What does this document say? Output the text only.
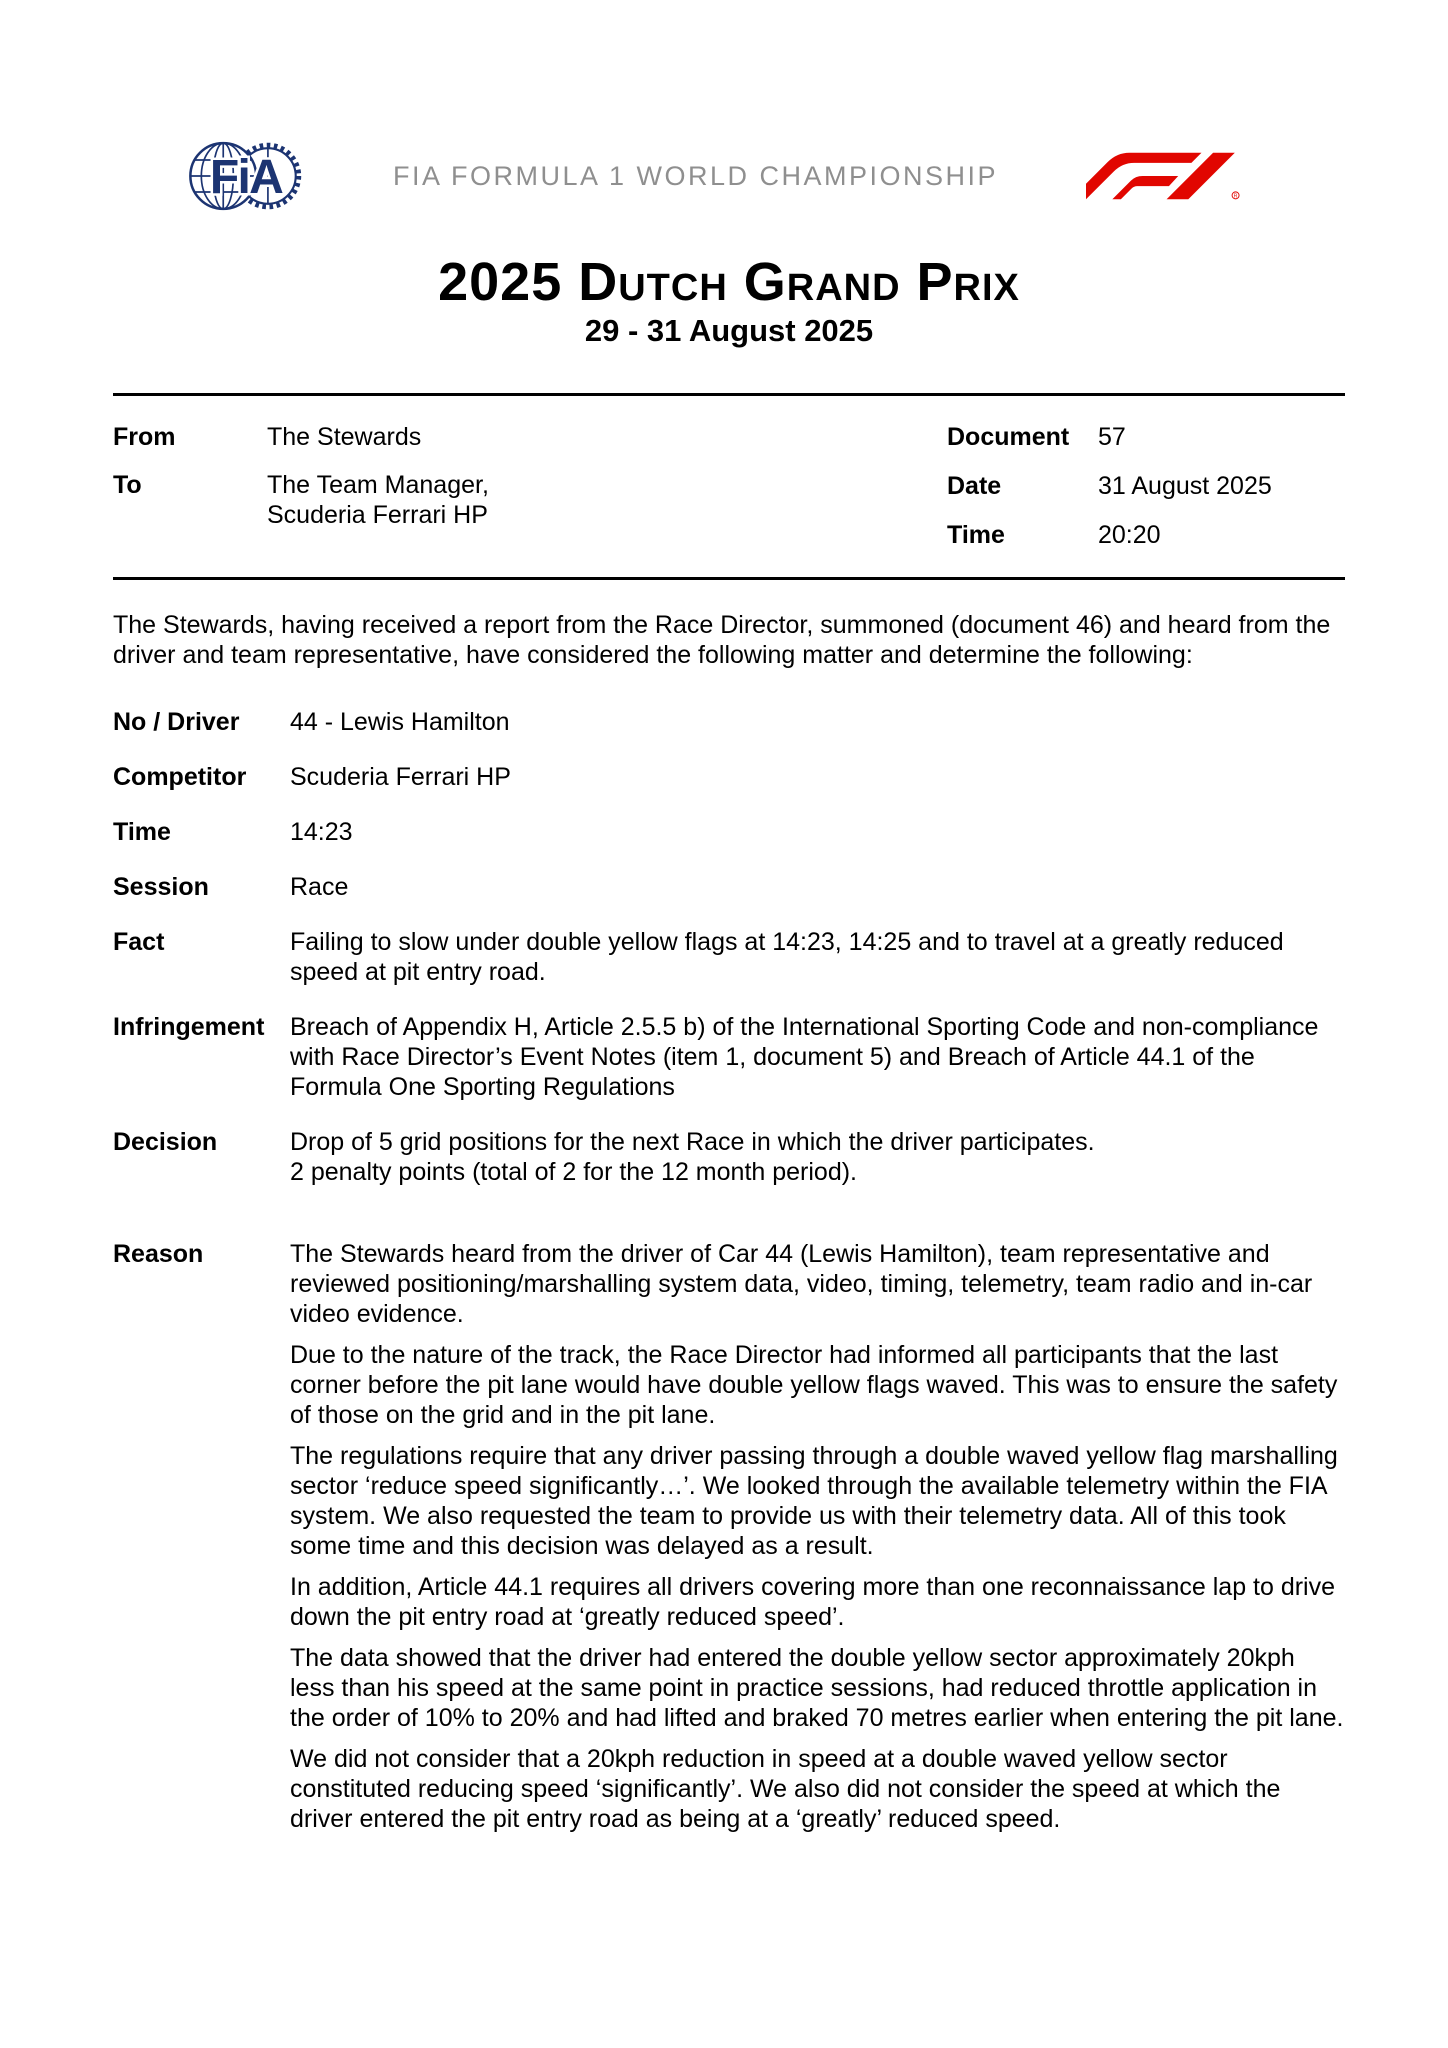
FiA	FIA FORMULA 1 WORLD CHAMPIONSHIP
R
2025 Dutch Grand Prix
29 - 31 August 2025
From	The Stewards
To	The Team Manager,
Scuderia Ferrari HP
Document	57
Date	31 August 2025
Time	20:20

The Stewards, having received a report from the Race Director, summoned (document 46) and heard from the driver and team representative, have considered the following matter and determine the following:

No / Driver	44 - Lewis Hamilton
Competitor	Scuderia Ferrari HP
Time	14:23
Session	Race
Fact	Failing to slow under double yellow flags at 14:23, 14:25 and to travel at a greatly reduced speed at pit entry road.
Infringement	Breach of Appendix H, Article 2.5.5 b) of the International Sporting Code and non-compliance with Race Director’s Event Notes (item 1, document 5) and Breach of Article 44.1 of the Formula One Sporting Regulations
Decision	Drop of 5 grid positions for the next Race in which the driver participates.
2 penalty points (total of 2 for the 12 month period).
Reason	The Stewards heard from the driver of Car 44 (Lewis Hamilton), team representative and reviewed positioning/marshalling system data, video, timing, telemetry, team radio and in-car video evidence.

Due to the nature of the track, the Race Director had informed all participants that the last corner before the pit lane would have double yellow flags waved. This was to ensure the safety of those on the grid and in the pit lane.

The regulations require that any driver passing through a double waved yellow flag marshalling sector ‘reduce speed significantly…’. We looked through the available telemetry within the FIA system. We also requested the team to provide us with their telemetry data. All of this took some time and this decision was delayed as a result.

In addition, Article 44.1 requires all drivers covering more than one reconnaissance lap to drive down the pit entry road at ‘greatly reduced speed’.

The data showed that the driver had entered the double yellow sector approximately 20kph less than his speed at the same point in practice sessions, had reduced throttle application in the order of 10% to 20% and had lifted and braked 70 metres earlier when entering the pit lane.

We did not consider that a 20kph reduction in speed at a double waved yellow sector constituted reducing speed ‘significantly’. We also did not consider the speed at which the driver entered the pit entry road as being at a ‘greatly’ reduced speed.
